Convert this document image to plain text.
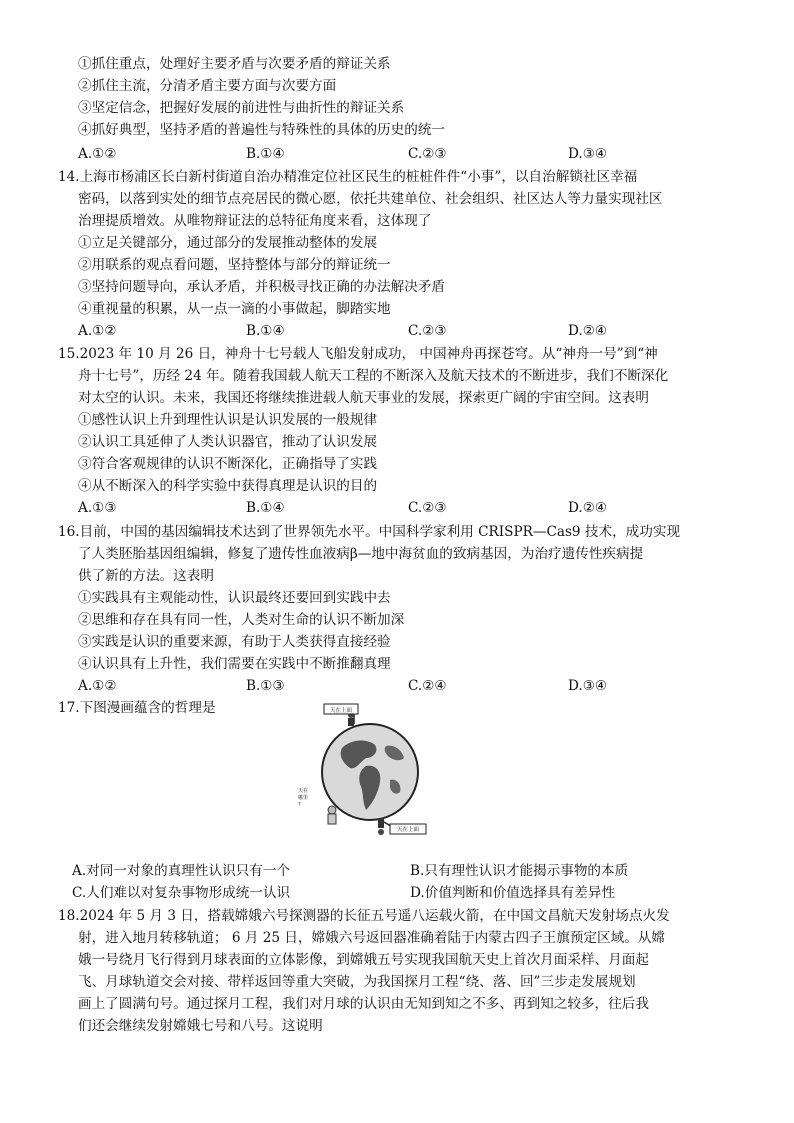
①抓住重点，处理好主要矛盾与次要矛盾的辩证关系
②抓住主流，分清矛盾主要方面与次要方面
③坚定信念，把握好发展的前进性与曲折性的辩证关系
④抓好典型，坚持矛盾的普遍性与特殊性的具体的历史的统一
A.①②	B.①④	C.②③	D.③④
14.上海市杨浦区长白新村街道自治办精准定位社区民生的桩桩件件“小事”，以自治解锁社区幸福
密码，以落到实处的细节点亮居民的微心愿，依托共建单位、社会组织、社区达人等力量实现社区
治理提质增效。从唯物辩证法的总特征角度来看，这体现了
①立足关键部分，通过部分的发展推动整体的发展
②用联系的观点看问题，坚持整体与部分的辩证统一
③坚持问题导向，承认矛盾，并积极寻找正确的办法解决矛盾
④重视量的积累，从一点一滴的小事做起，脚踏实地
A.①②	B.①④	C.②③	D.②④
15.2023 年 10 月 26 日，神舟十七号载人飞船发射成功， 中国神舟再探苍穹。从“神舟一号”到“神
舟十七号”，历经 24 年。随着我国载人航天工程的不断深入及航天技术的不断进步，我们不断深化
对太空的认识。未来，我国还将继续推进载人航天事业的发展，探索更广阔的宇宙空间。这表明
①感性认识上升到理性认识是认识发展的一般规律
②认识工具延伸了人类认识器官，推动了认识发展
③符合客观规律的认识不断深化，正确指导了实践
④从不断深入的科学实验中获得真理是认识的目的
A.①③	B.①④	C.②③	D.②④
16.目前，中国的基因编辑技术达到了世界领先水平。中国科学家利用 CRISPR—Cas9 技术，成功实现
了人类胚胎基因组编辑，修复了遗传性血液病β—地中海贫血的致病基因，为治疗遗传性疾病提
供了新的方法。这表明
①实践具有主观能动性，认识最终还要回到实践中去
②思维和存在具有同一性，人类对生命的认识不断加深
③实践是认识的重要来源，有助于人类获得直接经验
④认识具有上升性，我们需要在实践中不断推翻真理
A.①②	B.①③	C.②④	D.③④
17.下图漫画蕴含的哲理是	天在上面
天在上面
天在 哪里 ?
A.对同一对象的真理性认识只有一个	B.只有理性认识才能揭示事物的本质
C.人们难以对复杂事物形成统一认识	D.价值判断和价值选择具有差异性
18.2024 年 5 月 3 日，搭载嫦娥六号探测器的长征五号遥八运载火箭，在中国文昌航天发射场点火发
射，进入地月转移轨道； 6 月 25 日，嫦娥六号返回器准确着陆于内蒙古四子王旗预定区域。从嫦
娥一号绕月飞行得到月球表面的立体影像，到嫦娥五号实现我国航天史上首次月面采样、月面起
飞、月球轨道交会对接、带样返回等重大突破，为我国探月工程“绕、落、回”三步走发展规划
画上了圆满句号。通过探月工程，我们对月球的认识由无知到知之不多、再到知之较多，往后我
们还会继续发射嫦娥七号和八号。这说明
